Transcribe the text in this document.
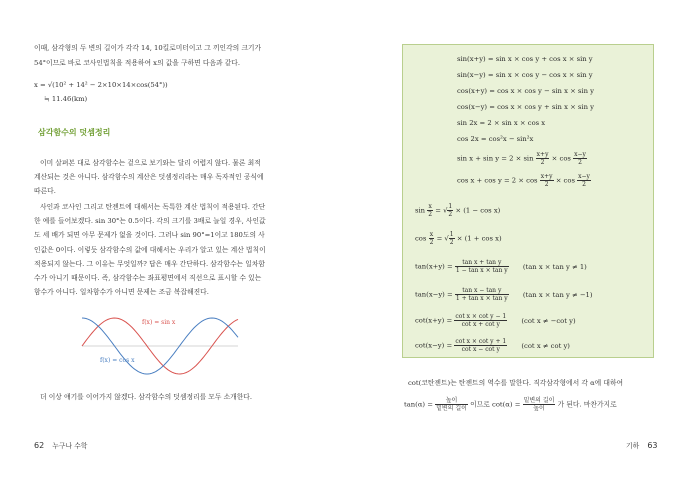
이때, 삼각형의 두 변의 길이가 각각 14, 10킬로미터이고 그 끼인각의 크기가
54°이므로 바로 코사인법칙을 적용하여 x의 값을 구하면 다음과 같다.
x = √(10² + 14² − 2×10×14×cos(54°))
≒ 11.46(km)
삼각함수의 덧셈정리
이미 살펴본 대로 삼각함수는 겉으로 보기와는 달리 어렵지 않다. 물론 최적
계산되는 것은 아니다. 삼각함수의 계산은 덧셈정리라는 매우 독자적인 공식에
따른다.
사인과 코사인 그리고 탄젠트에 대해서는 독특한 계산 법칙이 적용된다. 간단
한 예를 들어보겠다. sin 30°는 0.5이다. 각의 크기를 3배로 늘일 경우, 사인값
도 세 배가 되면 아무 문제가 없을 것이다. 그러나 sin 90°=1이고 180도의 사
인값은 0이다. 이렇듯 삼각함수의 값에 대해서는 우리가 알고 있는 계산 법칙이
적용되지 않는다. 그 이유는 무엇일까? 답은 매우 간단하다. 삼각함수는 일차함
수가 아니기 때문이다. 즉, 삼각함수는 좌표평면에서 직선으로 표시할 수 있는
함수가 아니다. 일차함수가 아니면 문제는 조금 복잡해진다.
f(x) = sin x
f(x) = cos x
더 이상 얘기를 이어가지 않겠다. 삼각함수의 덧셈정리를 모두 소개한다.
62 누구나 수학
sin(x+y) = sin x × cos y + cos x × sin y
sin(x−y) = sin x × cos y − cos x × sin y
cos(x+y) = cos x × cos y − sin x × sin y
cos(x−y) = cos x × cos y + sin x × sin y
sin 2x = 2 × sin x × cos x
cos 2x = cos²x − sin²x
$\sin x + \sin y = 2 \times \sin \frac{x+y}{2} \times \cos \frac{x-y}{2}$
$\cos x + \cos y = 2 \times \cos \frac{x+y}{2} \times \cos \frac{x-y}{2}$
$\sin \frac{x}{2}$ = √ $\frac{1}{2} \times (1 - \cos x)$
$\cos \frac{x}{2}$ = √ $\frac{1}{2} \times (1 + \cos x)$
$\tan(x+y) = \frac{\text{tan x + tan y}}{\text{1 − tan x × tan y}} (\tan$ x × tan y ≠ 1)
$\tan(x-y) = \frac{\text{tan x − tan y}}{\text{1 + tan x × tan y}} (\tan$ x × tan y ≠ −1)
$\cot(x+y) = \frac{\text{cot x × cot y − 1}}{\text{cot x + cot y}} (\cot$ x ≠ −cot y)
$\cot(x-y) = \frac{\text{cot x × cot y + 1}}{\text{cot x − cot y}} (\cot$ x ≠ cot y)
cot(코탄젠트)는 탄젠트의 역수를 말한다. 직각삼각형에서 각 α에 대하여
$\tan(\alpha) = \frac{\text{높이}}{\text{밑변의 길이}}$ 이므로 $\cot(\alpha) = \frac{\text{밑변의 길이}}{\text{높이}}$ 가 된다. 마찬가지로
기하 63
